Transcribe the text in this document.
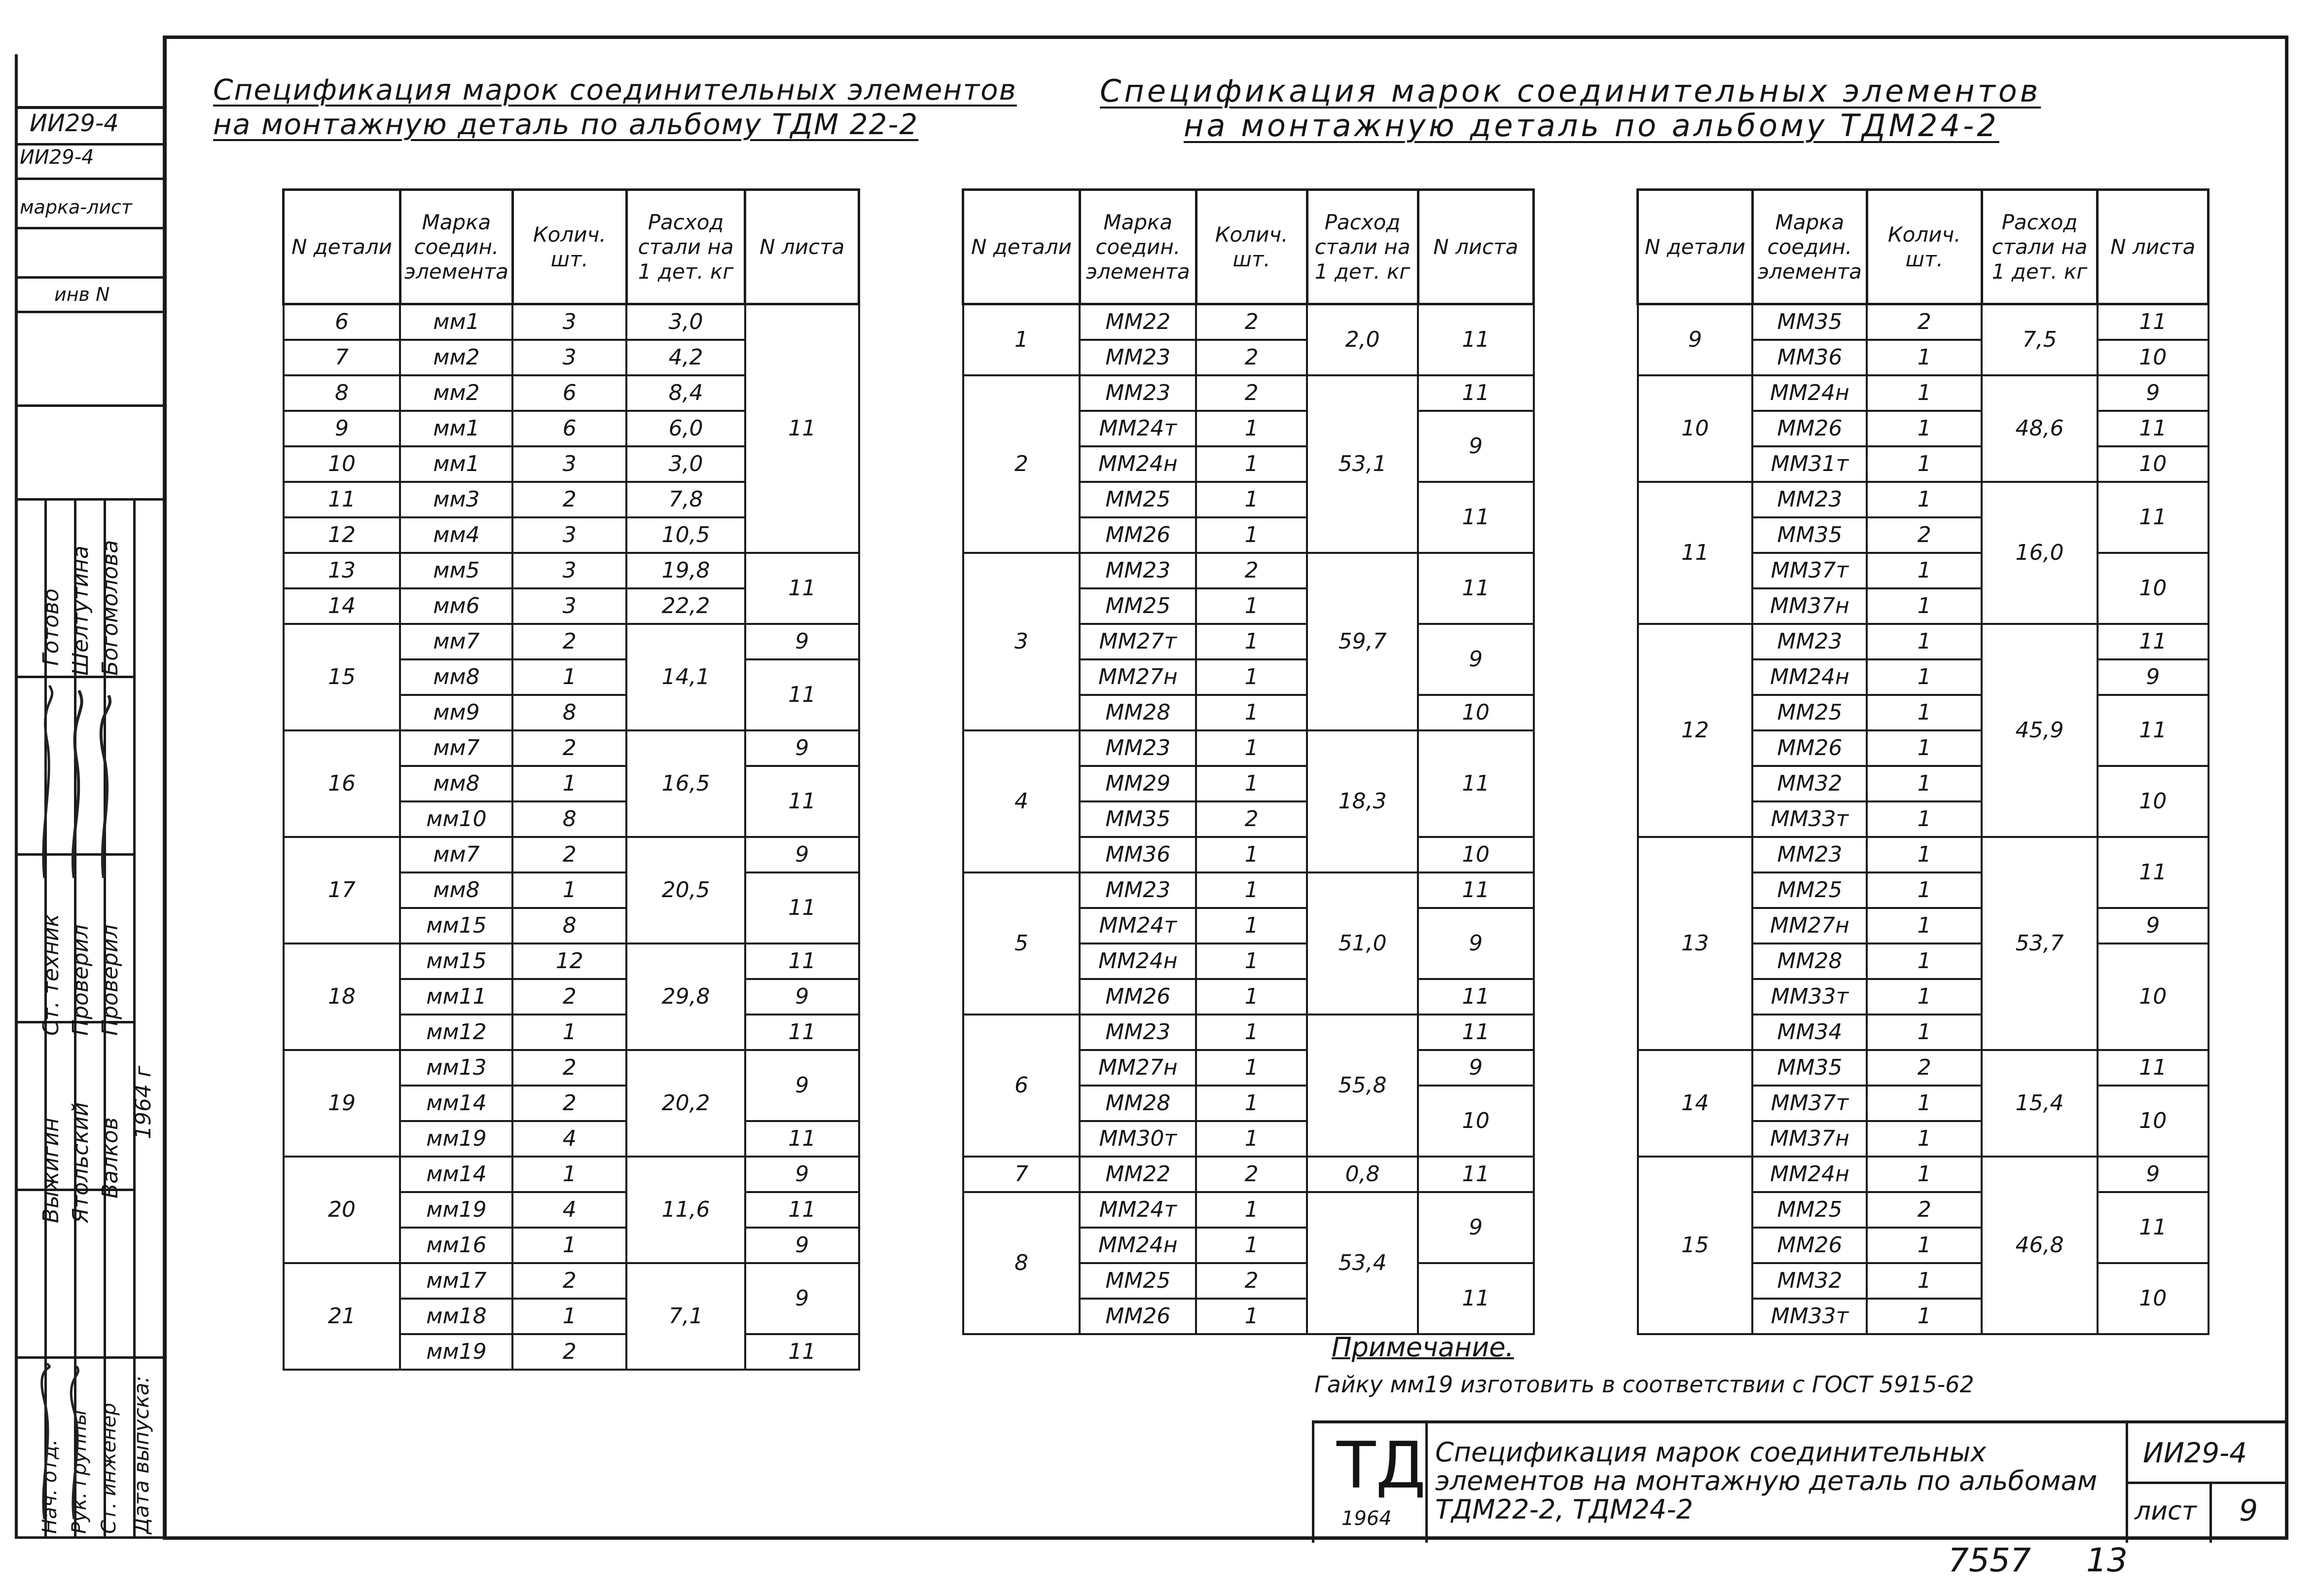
ИИ29-4
ИИ29-4
марка-лист
инв N
Готово Шелтутина Богомолова
Ст. техник Проверил Проверил
Выжигин Ятольский Валков
1964 г
Нач. отд. Рук. группы Ст. инженер Дата выпуска:
Спецификация марок соединительных элементов
на монтажную деталь по альбому ТДМ 22-2
Спецификация марок соединительных элементов
на монтажную деталь по альбому ТДМ24-2
N детали	Марка соедин. элемента	Колич. шт.	Расход стали на 1 дет. кг	N листа
6	мм1	3	3,0	11
7	мм2	3	4,2	
8	мм2	6	8,4	
9	мм1	6	6,0	
10	мм1	3	3,0	
11	мм3	2	7,8	
12	мм4	3	10,5	
13	мм5	3	19,8	11
14	мм6	3	22,2	
15	мм7	2	14,1	9
	мм8	1		11
	мм9	8		
16	мм7	2	16,5	9
	мм8	1		11
	мм10	8		
17	мм7	2	20,5	9
	мм8	1		11
	мм15	8		
18	мм15	12	29,8	11
	мм11	2		9
	мм12	1		11
19	мм13	2	20,2	9
	мм14	2		
	мм19	4		11
20	мм14	1	11,6	9
	мм19	4		11
	мм16	1		9
21	мм17	2	7,1	9
	мм18	1		
	мм19	2		11
N детали	Марка соедин. элемента	Колич. шт.	Расход стали на 1 дет. кг	N листа
1	ММ22	2	2,0	11
	ММ23	2		
2	ММ23	2	53,1	11
	ММ24т	1		9
	ММ24н	1		
	ММ25	1		11
	ММ26	1		
3	ММ23	2	59,7	11
	ММ25	1		
	ММ27т	1		9
	ММ27н	1		
	ММ28	1		10
4	ММ23	1	18,3	11
	ММ29	1		
	ММ35	2		
	ММ36	1		10
5	ММ23	1	51,0	11
	ММ24т	1		9
	ММ24н	1		
	ММ26	1		11
6	ММ23	1	55,8	11
	ММ27н	1		9
	ММ28	1		10
	ММ30т	1		
7	ММ22	2	0,8	11
8	ММ24т	1	53,4	9
	ММ24н	1		
	ММ25	2		11
	ММ26	1		
N детали	Марка соедин. элемента	Колич. шт.	Расход стали на 1 дет. кг	N листа
9	ММ35	2	7,5	11
	ММ36	1		10
10	ММ24н	1	48,6	9
	ММ26	1		11
	ММ31т	1		10
11	ММ23	1	16,0	11
	ММ35	2		
	ММ37т	1		10
	ММ37н	1		
12	ММ23	1	45,9	11
	ММ24н	1		9
	ММ25	1		11
	ММ26	1		
	ММ32	1		10
	ММ33т	1		
13	ММ23	1	53,7	11
	ММ25	1		
	ММ27н	1		9
	ММ28	1		10
	ММ33т	1		
	ММ34	1		
14	ММ35	2	15,4	11
	ММ37т	1		10
	ММ37н	1		
15	ММ24н	1	46,8	9
	ММ25	2		11
	ММ26	1		
	ММ32	1		10
	ММ33т	1		
Примечание.
Гайку мм19 изготовить в соответствии с ГОСТ 5915-62
ТД
1964
Спецификация марок соединительных элементов на монтажную деталь по альбомам ТДМ22-2, ТДМ24-2
ИИ29-4
лист 9
7557 13
